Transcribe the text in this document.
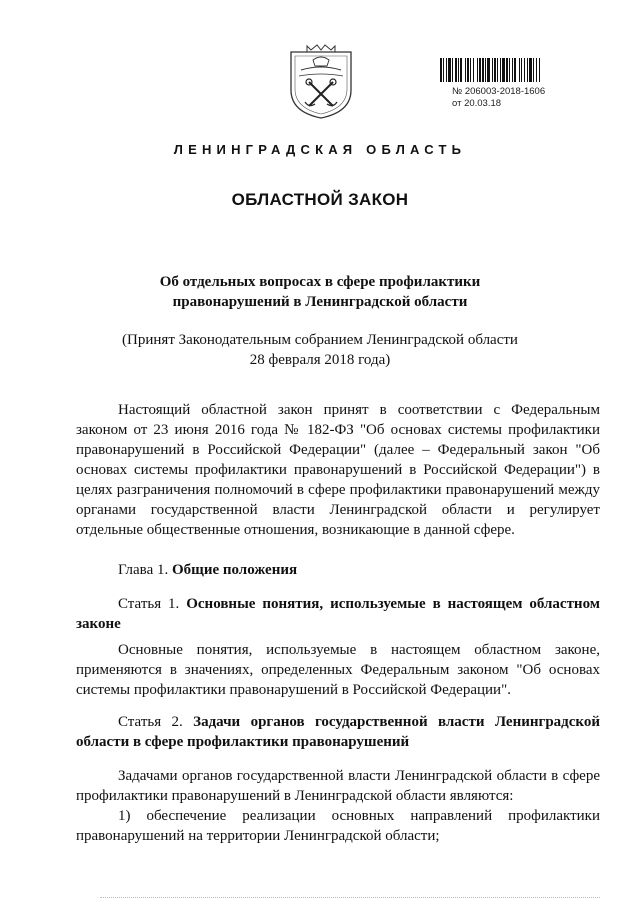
№ 206003-2018-1606
от 20.03.18
ЛЕНИНГРАДСКАЯ ОБЛАСТЬ
ОБЛАСТНОЙ ЗАКОН
Об отдельных вопросах в сфере профилактики
правонарушений в Ленинградской области
(Принят Законодательным собранием Ленинградской области
28 февраля 2018 года)

Настоящий областной закон принят в соответствии с Федеральным законом от 23 июня 2016 года № 182-ФЗ "Об основах системы профилактики правонарушений в Российской Федерации" (далее – Федеральный закон "Об основах системы профилактики правонарушений в Российской Федерации") в целях разграничения полномочий в сфере профилактики правонарушений между органами государственной власти Ленинградской области и регулирует отдельные общественные отношения, возникающие в данной сфере.

Глава 1. Общие положения

Статья 1. Основные понятия, используемые в настоящем областном законе

Основные понятия, используемые в настоящем областном законе, применяются в значениях, определенных Федеральным законом "Об основах системы профилактики правонарушений в Российской Федерации".

Статья 2. Задачи органов государственной власти Ленинградской области в сфере профилактики правонарушений

Задачами органов государственной власти Ленинградской области в сфере профилактики правонарушений в Ленинградской области являются:

1) обеспечение реализации основных направлений профилактики правонарушений на территории Ленинградской области;
